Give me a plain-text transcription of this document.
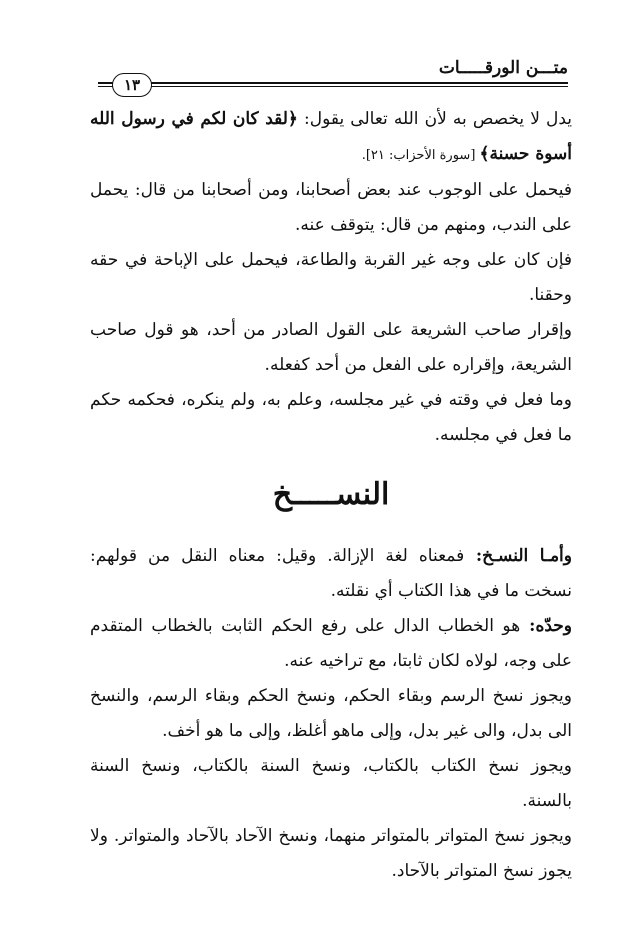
متـــن الورقـــــات
١٣

يدل لا يخصص به لأن الله تعالى يقول: ﴿لقد كان لكم في رسول الله أسوة حسنة﴾ [سورة الأحزاب: ٢١].

فيحمل على الوجوب عند بعض أصحابنا، ومن أصحابنا من قال: يحمل على الندب، ومنهم من قال: يتوقف عنه.

فإن كان على وجه غير القربة والطاعة، فيحمل على الإباحة في حقه وحقنا.

وإقرار صاحب الشريعة على القول الصادر من أحد، هو قول صاحب الشريعة، وإقراره على الفعل من أحد كفعله.

وما فعل في وقته في غير مجلسه، وعلم به، ولم ينكره، فحكمه حكم ما فعل في مجلسه.

النســـــخ

وأمـا النسـخ: فمعناه لغة الإزالة. وقيل: معناه النقل من قولهم: نسخت ما في هذا الكتاب أي نقلته.

وحدّه: هو الخطاب الدال على رفع الحكم الثابت بالخطاب المتقدم على وجه، لولاه لكان ثابتا، مع تراخيه عنه.

ويجوز نسخ الرسم وبقاء الحكم، ونسخ الحكم وبقاء الرسم، والنسخ الى بدل، والى غير بدل، وإلى ماهو أغلظ، وإلى ما هو أخف.

ويجوز نسخ الكتاب بالكتاب، ونسخ السنة بالكتاب، ونسخ السنة بالسنة.

ويجوز نسخ المتواتر بالمتواتر منهما، ونسخ الآحاد بالآحاد والمتواتر. ولا يجوز نسخ المتواتر بالآحاد.
